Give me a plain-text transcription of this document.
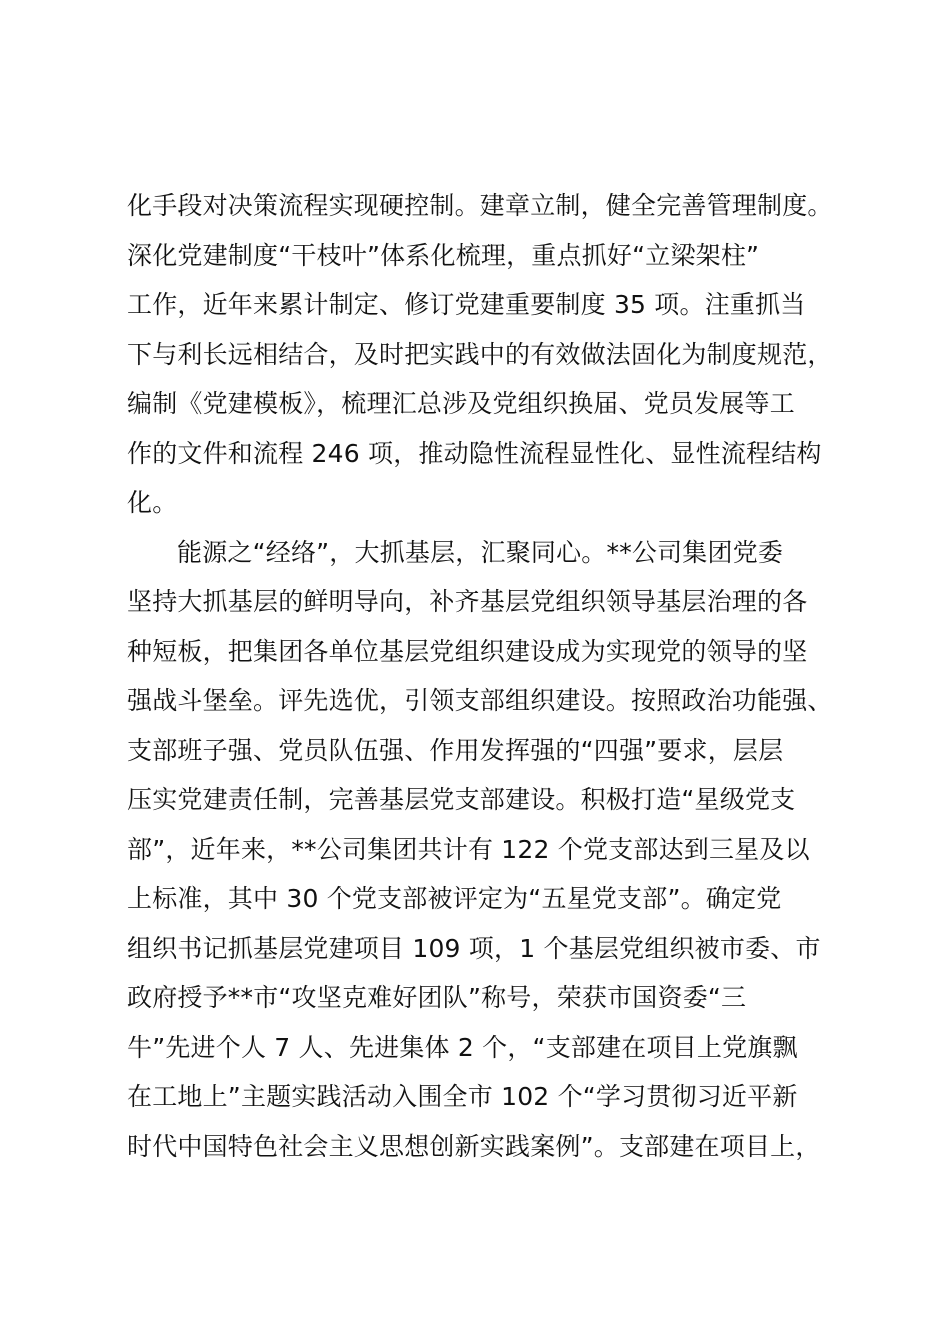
化手段对决策流程实现硬控制。建章立制，健全完善管理制度。
深化党建制度“干枝叶”体系化梳理，重点抓好“立梁架柱”
工作，近年来累计制定、修订党建重要制度 35 项。注重抓当
下与利长远相结合，及时把实践中的有效做法固化为制度规范，
编制《党建模板》，梳理汇总涉及党组织换届、党员发展等工
作的文件和流程 246 项，推动隐性流程显性化、显性流程结构
化。
能源之“经络”，大抓基层，汇聚同心。**公司集团党委
坚持大抓基层的鲜明导向，补齐基层党组织领导基层治理的各
种短板，把集团各单位基层党组织建设成为实现党的领导的坚
强战斗堡垒。评先选优，引领支部组织建设。按照政治功能强、
支部班子强、党员队伍强、作用发挥强的“四强”要求，层层
压实党建责任制，完善基层党支部建设。积极打造“星级党支
部”，近年来，**公司集团共计有 122 个党支部达到三星及以
上标准，其中 30 个党支部被评定为“五星党支部”。确定党
组织书记抓基层党建项目 109 项，1 个基层党组织被市委、市
政府授予**市“攻坚克难好团队”称号，荣获市国资委“三
牛”先进个人 7 人、先进集体 2 个，“支部建在项目上党旗飘
在工地上”主题实践活动入围全市 102 个“学习贯彻习近平新
时代中国特色社会主义思想创新实践案例”。支部建在项目上，
